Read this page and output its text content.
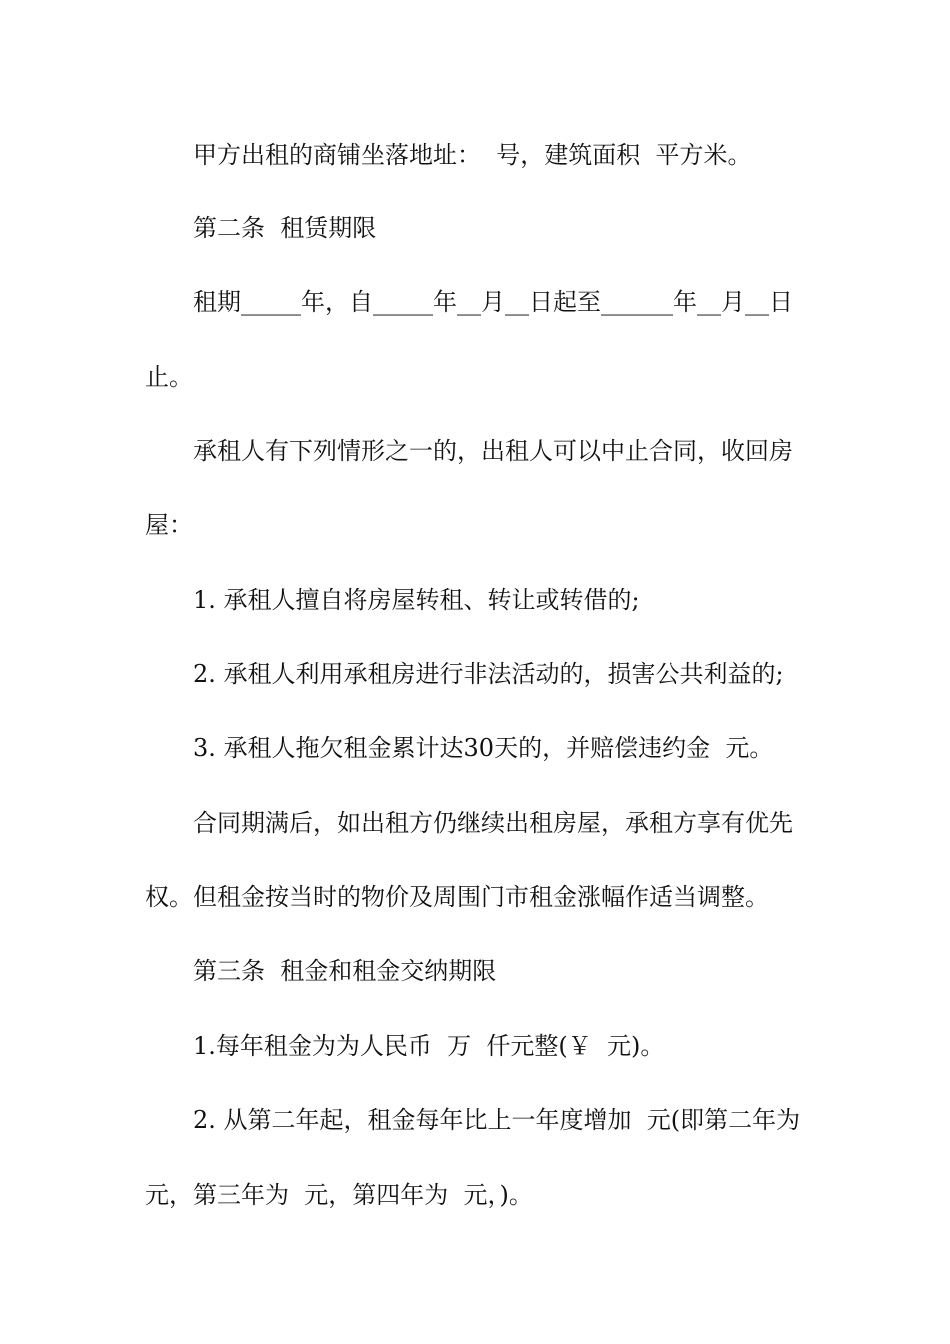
甲方出租的商铺坐落地址：  号，建筑面积  平方米。
第二条  租赁期限
租期_____年，自_____年__月__日起至______年__月__日
止。
承租人有下列情形之一的，出租人可以中止合同，收回房
屋：
1. 承租人擅自将房屋转租、转让或转借的;
2. 承租人利用承租房进行非法活动的，损害公共利益的;
3. 承租人拖欠租金累计达30天的，并赔偿违约金  元。
合同期满后，如出租方仍继续出租房屋，承租方享有优先
权。但租金按当时的物价及周围门市租金涨幅作适当调整。
第三条  租金和租金交纳期限
1.每年租金为为人民币  万  仟元整(￥  元)。
2. 从第二年起，租金每年比上一年度增加  元(即第二年为
元，第三年为  元，第四年为  元，)。
